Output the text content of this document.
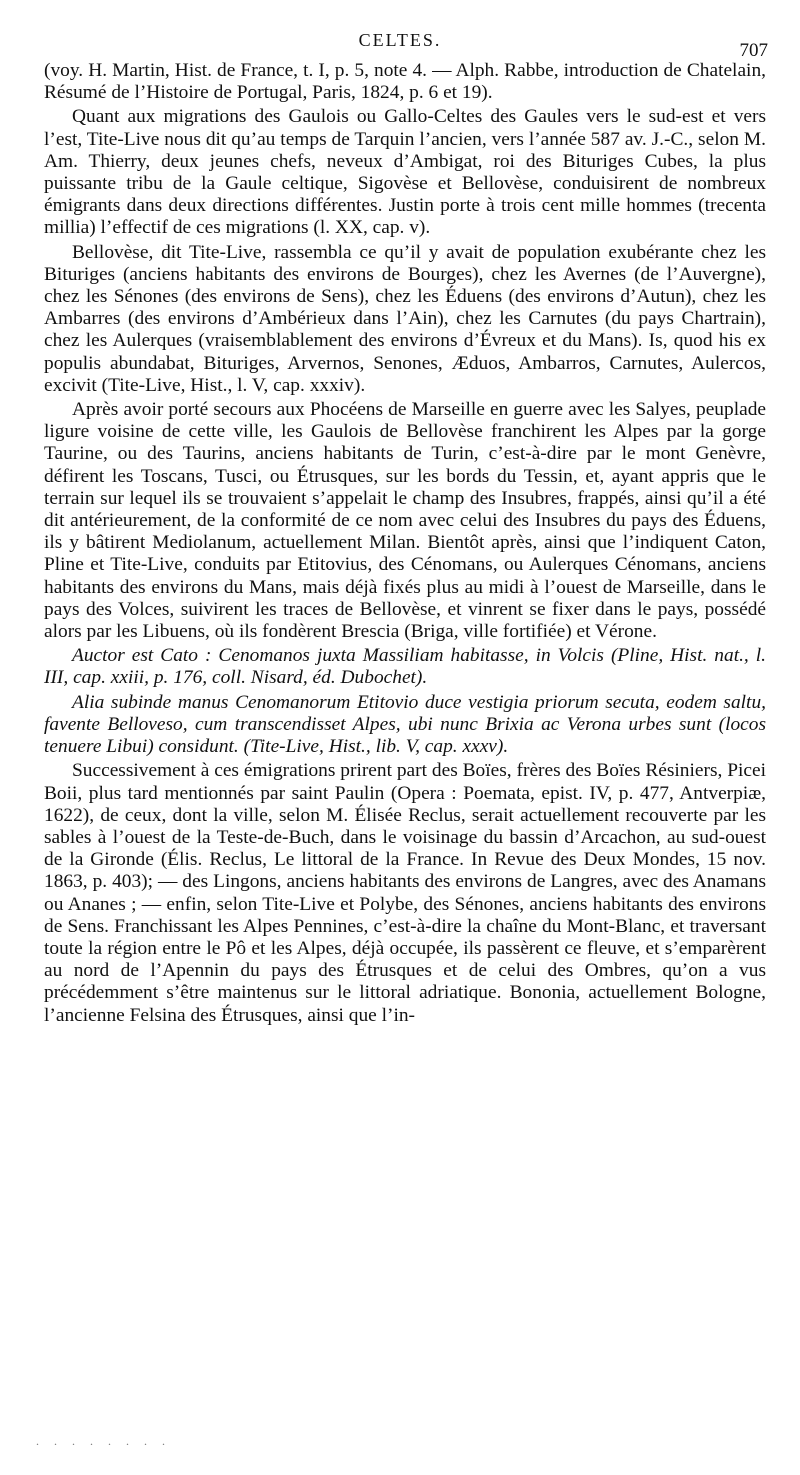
CELTES.	707

(voy. H. Martin, Hist. de France, t. I, p. 5, note 4. — Alph. Rabbe, introduction de Chatelain, Résumé de l’Histoire de Portugal, Paris, 1824, p. 6 et 19).

Quant aux migrations des Gaulois ou Gallo-Celtes des Gaules vers le sud-est et vers l’est, Tite-Live nous dit qu’au temps de Tarquin l’ancien, vers l’année 587 av. J.-C., selon M. Am. Thierry, deux jeunes chefs, neveux d’Ambigat, roi des Bituriges Cubes, la plus puissante tribu de la Gaule celtique, Sigovèse et Bellovèse, conduisirent de nombreux émigrants dans deux directions différentes. Justin porte à trois cent mille hommes (trecenta millia) l’effectif de ces migrations (l. XX, cap. v).

Bellovèse, dit Tite-Live, rassembla ce qu’il y avait de population exubérante chez les Bituriges (anciens habitants des environs de Bourges), chez les Avernes (de l’Auvergne), chez les Sénones (des environs de Sens), chez les Éduens (des environs d’Autun), chez les Ambarres (des environs d’Ambérieux dans l’Ain), chez les Carnutes (du pays Chartrain), chez les Aulerques (vraisemblablement des environs d’Évreux et du Mans). Is, quod his ex populis abundabat, Bituriges, Arvernos, Senones, Æduos, Ambarros, Carnutes, Aulercos, excivit (Tite-Live, Hist., l. V, cap. xxxiv).

Après avoir porté secours aux Phocéens de Marseille en guerre avec les Salyes, peuplade ligure voisine de cette ville, les Gaulois de Bellovèse franchirent les Alpes par la gorge Taurine, ou des Taurins, anciens habitants de Turin, c’est-à-dire par le mont Genèvre, défirent les Toscans, Tusci, ou Étrusques, sur les bords du Tessin, et, ayant appris que le terrain sur lequel ils se trouvaient s’appelait le champ des Insubres, frappés, ainsi qu’il a été dit antérieurement, de la conformité de ce nom avec celui des Insubres du pays des Éduens, ils y bâtirent Mediolanum, actuellement Milan. Bientôt après, ainsi que l’indiquent Caton, Pline et Tite-Live, conduits par Etitovius, des Cénomans, ou Aulerques Cénomans, anciens habitants des environs du Mans, mais déjà fixés plus au midi à l’ouest de Marseille, dans le pays des Volces, suivirent les traces de Bellovèse, et vinrent se fixer dans le pays, possédé alors par les Libuens, où ils fondèrent Brescia (Briga, ville fortifiée) et Vérone.

Auctor est Cato : Cenomanos juxta Massiliam habitasse, in Volcis (Pline, Hist. nat., l. III, cap. xxiii, p. 176, coll. Nisard, éd. Dubochet).

Alia subinde manus Cenomanorum Etitovio duce vestigia priorum secuta, eodem saltu, favente Belloveso, cum transcendisset Alpes, ubi nunc Brixia ac Verona urbes sunt (locos tenuere Libui) considunt. (Tite-Live, Hist., lib. V, cap. xxxv).

Successivement à ces émigrations prirent part des Boïes, frères des Boïes Résiniers, Picei Boii, plus tard mentionnés par saint Paulin (Opera : Poemata, epist. IV, p. 477, Antverpiæ, 1622), de ceux, dont la ville, selon M. Élisée Reclus, serait actuellement recouverte par les sables à l’ouest de la Teste-de-Buch, dans le voisinage du bassin d’Arcachon, au sud-ouest de la Gironde (Élis. Reclus, Le littoral de la France. In Revue des Deux Mondes, 15 nov. 1863, p. 403); — des Lingons, anciens habitants des environs de Langres, avec des Anamans ou Ananes ; — enfin, selon Tite-Live et Polybe, des Sénones, anciens habitants des environs de Sens. Franchissant les Alpes Pennines, c’est-à-dire la chaîne du Mont-Blanc, et traversant toute la région entre le Pô et les Alpes, déjà occupée, ils passèrent ce fleuve, et s’emparèrent au nord de l’Apennin du pays des Étrusques et de celui des Ombres, qu’on a vus précédemment s’être maintenus sur le littoral adriatique. Bononia, actuellement Bologne, l’ancienne Felsina des Étrusques, ainsi que l’in-

. . . . . . . .
